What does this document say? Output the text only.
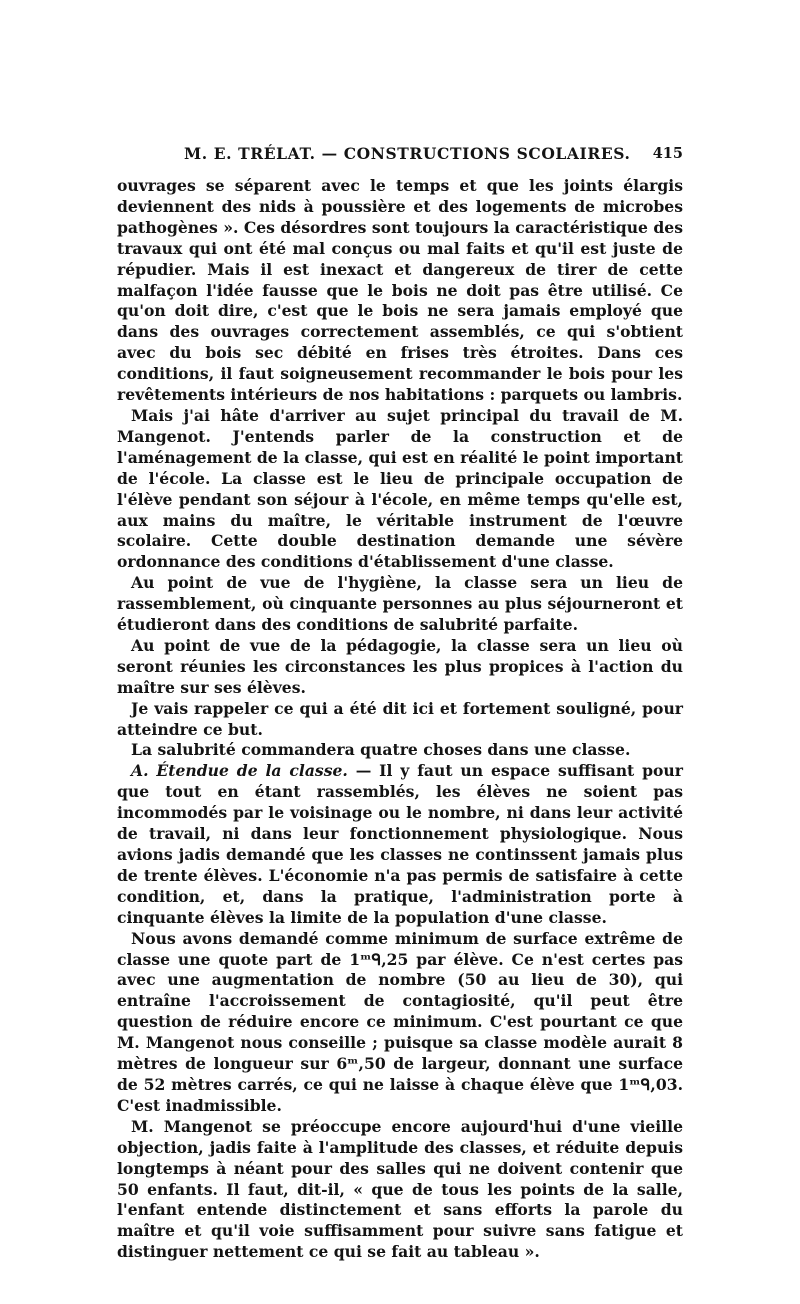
M. E. TRÉLAT. — CONSTRUCTIONS SCOLAIRES. 415

ouvrages se séparent avec le temps et que les joints élargis deviennent des nids à poussière et des logements de microbes pathogènes ». Ces désordres sont toujours la caractéristique des travaux qui ont été mal conçus ou mal faits et qu'il est juste de répudier. Mais il est inexact et dangereux de tirer de cette malfaçon l'idée fausse que le bois ne doit pas être utilisé. Ce qu'on doit dire, c'est que le bois ne sera jamais employé que dans des ouvrages correctement assemblés, ce qui s'obtient avec du bois sec débité en frises très étroites. Dans ces conditions, il faut soigneusement recommander le bois pour les revêtements intérieurs de nos habitations : parquets ou lambris.

Mais j'ai hâte d'arriver au sujet principal du travail de M. Mangenot. J'entends parler de la construction et de l'aménagement de la classe, qui est en réalité le point important de l'école. La classe est le lieu de principale occupation de l'élève pendant son séjour à l'école, en même temps qu'elle est, aux mains du maître, le véritable instrument de l'œuvre scolaire. Cette double destination demande une sévère ordonnance des conditions d'établissement d'une classe.

Au point de vue de l'hygiène, la classe sera un lieu de rassemblement, où cinquante personnes au plus séjourneront et étudieront dans des conditions de salubrité parfaite.

Au point de vue de la pédagogie, la classe sera un lieu où seront réunies les circonstances les plus propices à l'action du maître sur ses élèves.

Je vais rappeler ce qui a été dit ici et fortement souligné, pour atteindre ce but.

La salubrité commandera quatre choses dans une classe.

A. Étendue de la classe. — Il y faut un espace suffisant pour que tout en étant rassemblés, les élèves ne soient pas incommodés par le voisinage ou le nombre, ni dans leur activité de travail, ni dans leur fonctionnement physiologique. Nous avions jadis demandé que les classes ne continssent jamais plus de trente élèves. L'économie n'a pas permis de satisfaire à cette condition, et, dans la pratique, l'administration porte à cinquante élèves la limite de la population d'une classe.

Nous avons demandé comme minimum de surface extrême de classe une quote part de 1ᵐᑫ,25 par élève. Ce n'est certes pas avec une augmentation de nombre (50 au lieu de 30), qui entraîne l'accroissement de contagiosité, qu'il peut être question de réduire encore ce minimum. C'est pourtant ce que M. Mangenot nous conseille ; puisque sa classe modèle aurait 8 mètres de longueur sur 6ᵐ,50 de largeur, donnant une surface de 52 mètres carrés, ce qui ne laisse à chaque élève que 1ᵐᑫ,03. C'est inadmissible.

M. Mangenot se préoccupe encore aujourd'hui d'une vieille objection, jadis faite à l'amplitude des classes, et réduite depuis longtemps à néant pour des salles qui ne doivent contenir que 50 enfants. Il faut, dit-il, « que de tous les points de la salle, l'enfant entende distinctement et sans efforts la parole du maître et qu'il voie suffisamment pour suivre sans fatigue et distinguer nettement ce qui se fait au tableau ».
